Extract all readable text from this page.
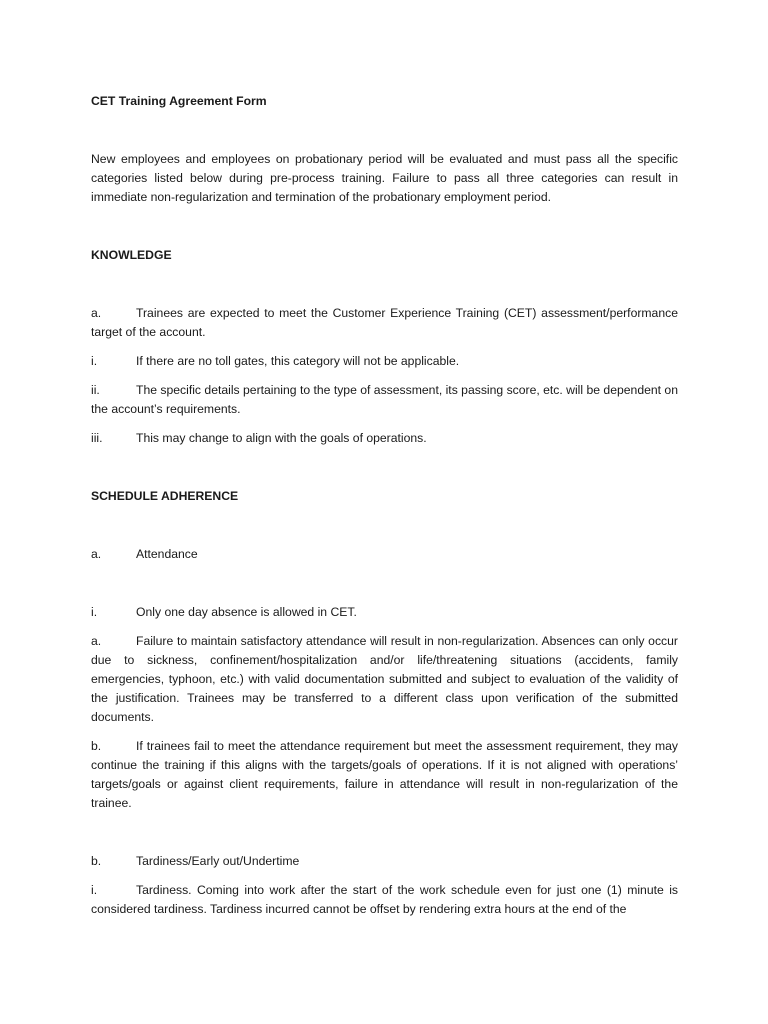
CET Training Agreement Form

New employees and employees on probationary period will be evaluated and must pass all the specific categories listed below during pre-process training. Failure to pass all three categories can result in immediate non-regularization and termination of the probationary employment period.

KNOWLEDGE

a.	Trainees are expected to meet the Customer Experience Training (CET) assessment/performance target of the account.

i.	If there are no toll gates, this category will not be applicable.

ii.	The specific details pertaining to the type of assessment, its passing score, etc. will be dependent on the account’s requirements.

iii.	This may change to align with the goals of operations.

SCHEDULE ADHERENCE

a.	Attendance

i.	Only one day absence is allowed in CET.

a.	Failure to maintain satisfactory attendance will result in non-regularization. Absences can only occur due to sickness, confinement/hospitalization and/or life/threatening situations (accidents, family emergencies, typhoon, etc.) with valid documentation submitted and subject to evaluation of the validity of the justification. Trainees may be transferred to a different class upon verification of the submitted documents.

b.	If trainees fail to meet the attendance requirement but meet the assessment requirement, they may continue the training if this aligns with the targets/goals of operations. If it is not aligned with operations’ targets/goals or against client requirements, failure in attendance will result in non-regularization of the trainee.

b.	Tardiness/Early out/Undertime

i.	Tardiness. Coming into work after the start of the work schedule even for just one (1) minute is considered tardiness. Tardiness incurred cannot be offset by rendering extra hours at the end of the
